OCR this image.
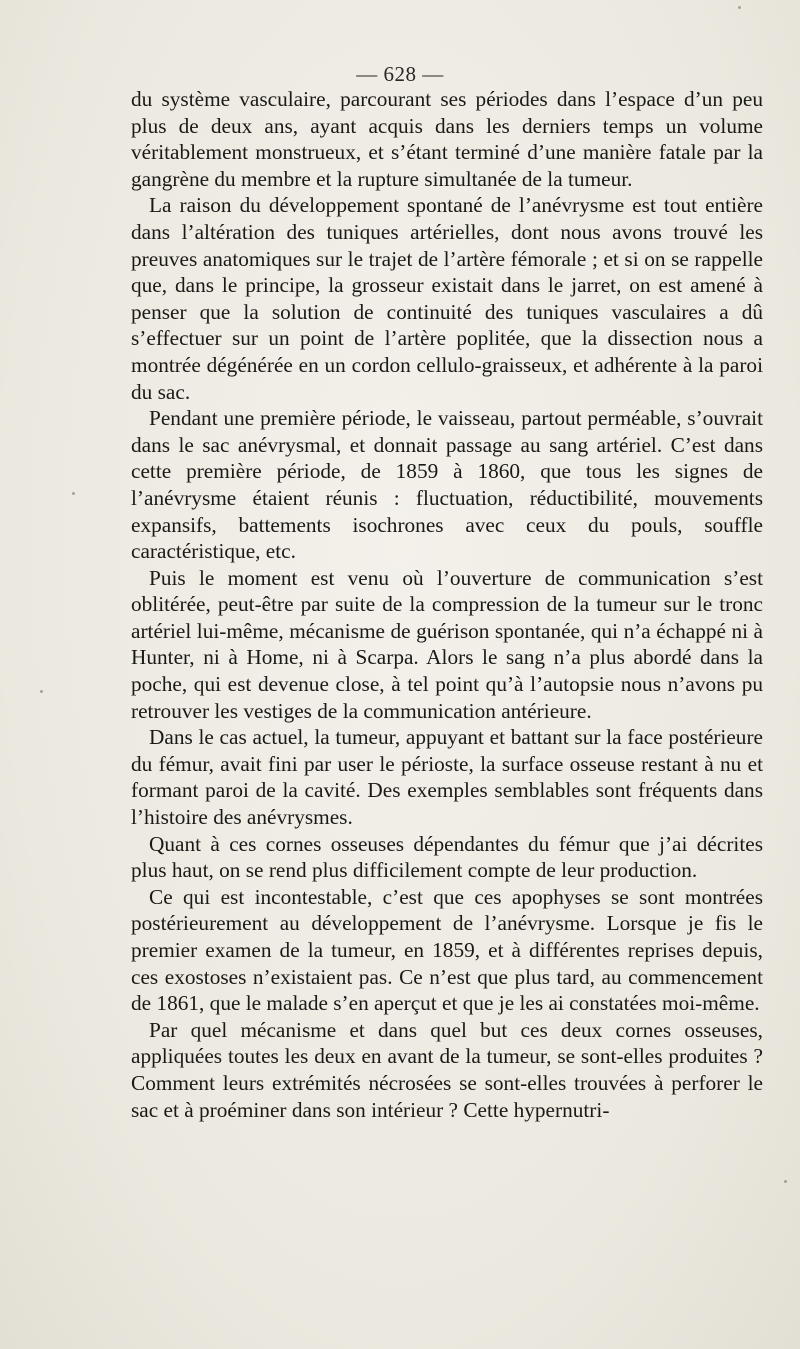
— 628 —

du système vasculaire, parcourant ses périodes dans l’espace d’un peu plus de deux ans, ayant acquis dans les derniers temps un volume véritablement monstrueux, et s’étant terminé d’une manière fatale par la gangrène du membre et la rupture simultanée de la tumeur.

La raison du développement spontané de l’anévrysme est tout entière dans l’altération des tuniques artérielles, dont nous avons trouvé les preuves anatomiques sur le trajet de l’artère fémorale ; et si on se rappelle que, dans le principe, la grosseur existait dans le jarret, on est amené à penser que la solution de continuité des tuniques vasculaires a dû s’effectuer sur un point de l’artère poplitée, que la dissection nous a montrée dégénérée en un cordon cellulo-graisseux, et adhérente à la paroi du sac.

Pendant une première période, le vaisseau, partout perméable, s’ouvrait dans le sac anévrysmal, et donnait passage au sang artériel. C’est dans cette première période, de 1859 à 1860, que tous les signes de l’anévrysme étaient réunis : fluctuation, réductibilité, mouvements expansifs, battements isochrones avec ceux du pouls, souffle caractéristique, etc.

Puis le moment est venu où l’ouverture de communication s’est oblitérée, peut-être par suite de la compression de la tumeur sur le tronc artériel lui-même, mécanisme de guérison spontanée, qui n’a échappé ni à Hunter, ni à Home, ni à Scarpa. Alors le sang n’a plus abordé dans la poche, qui est devenue close, à tel point qu’à l’autopsie nous n’avons pu retrouver les vestiges de la communication antérieure.

Dans le cas actuel, la tumeur, appuyant et battant sur la face postérieure du fémur, avait fini par user le périoste, la surface osseuse restant à nu et formant paroi de la cavité. Des exemples semblables sont fréquents dans l’histoire des anévrysmes.

Quant à ces cornes osseuses dépendantes du fémur que j’ai décrites plus haut, on se rend plus difficilement compte de leur production.

Ce qui est incontestable, c’est que ces apophyses se sont montrées postérieurement au développement de l’anévrysme. Lorsque je fis le premier examen de la tumeur, en 1859, et à différentes reprises depuis, ces exostoses n’existaient pas. Ce n’est que plus tard, au commencement de 1861, que le malade s’en aperçut et que je les ai constatées moi-même.

Par quel mécanisme et dans quel but ces deux cornes osseuses, appliquées toutes les deux en avant de la tumeur, se sont-elles produites ? Comment leurs extrémités nécrosées se sont-elles trouvées à perforer le sac et à proéminer dans son intérieur ? Cette hypernutri-
